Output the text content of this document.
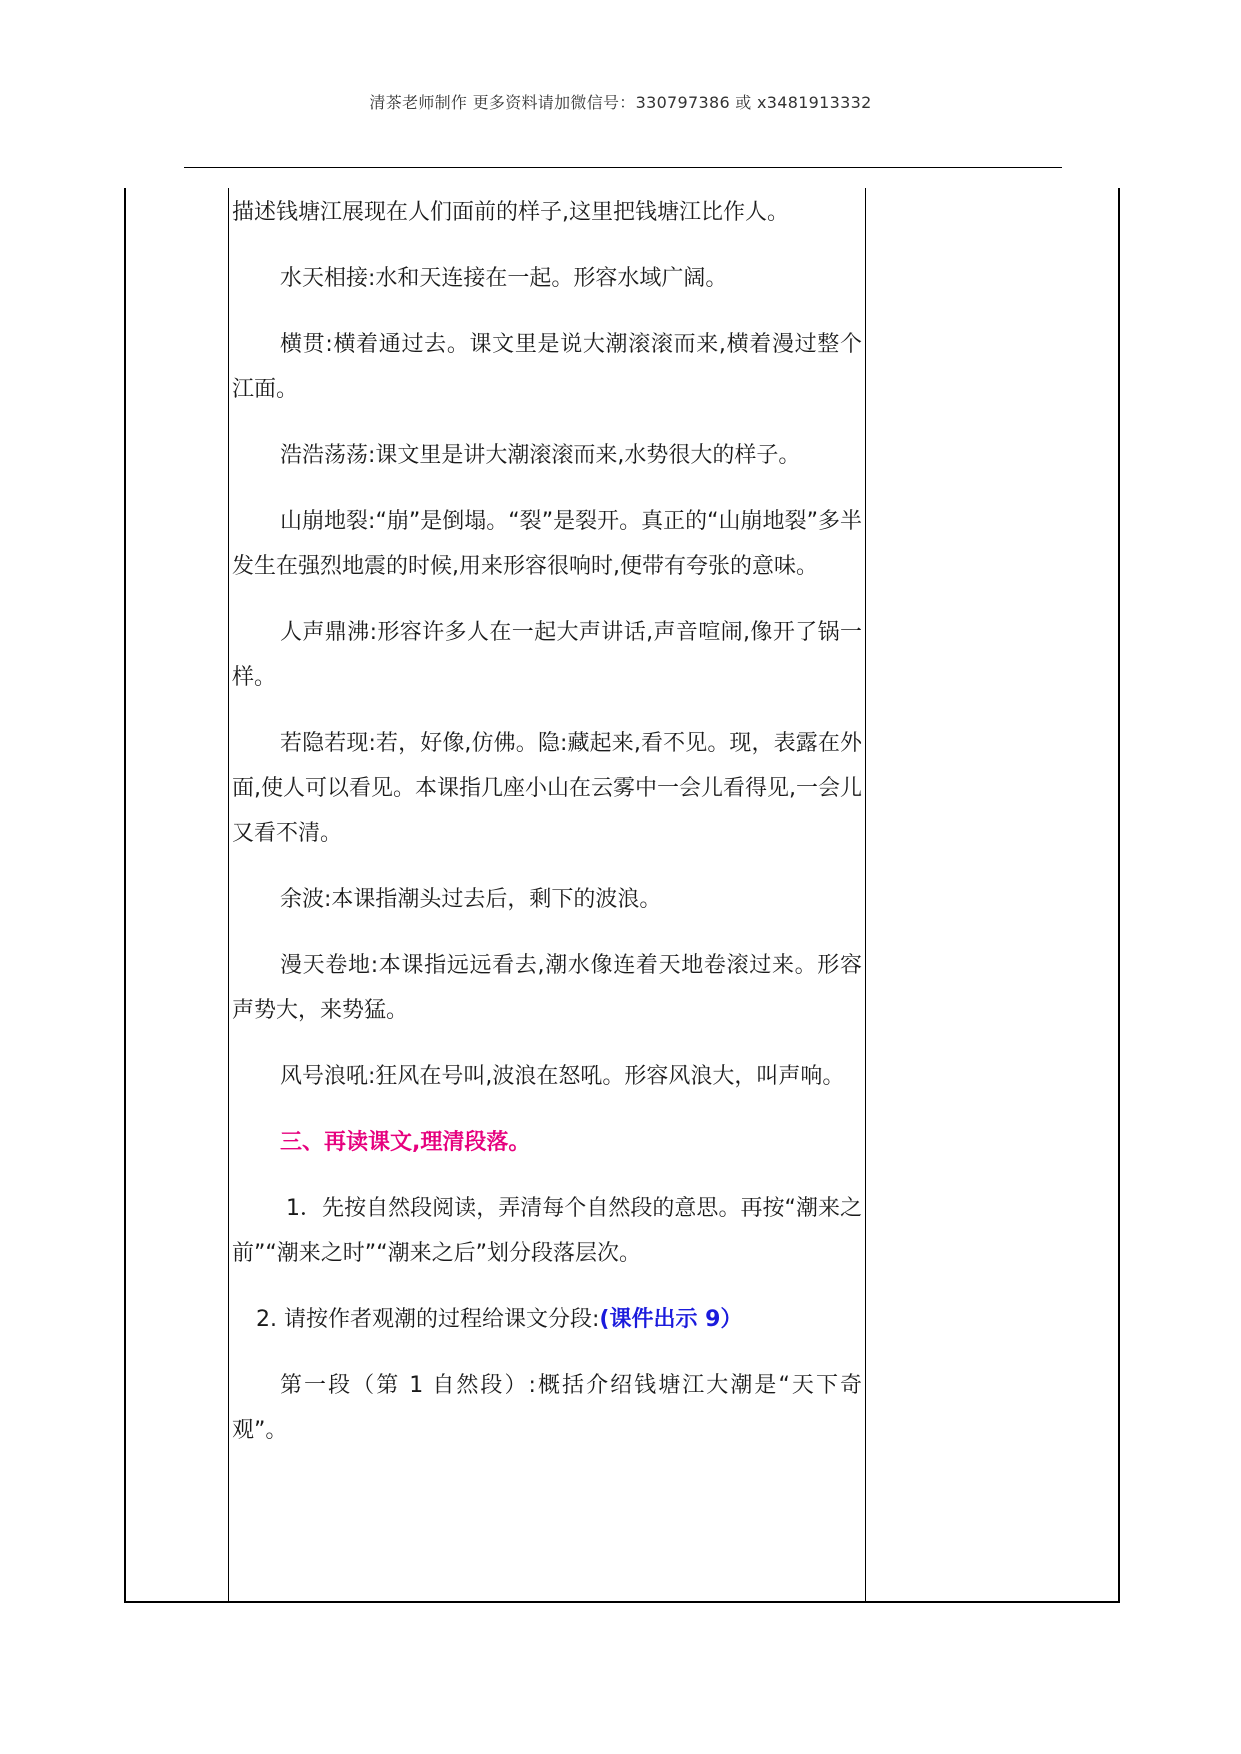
清茶老师制作 更多资料请加微信号：330797386 或 x3481913332

描述钱塘江展现在人们面前的样子,这里把钱塘江比作人。

水天相接:水和天连接在一起。形容水域广阔。

横贯:横着通过去。课文里是说大潮滚滚而来,横着漫过整个江面。

浩浩荡荡:课文里是讲大潮滚滚而来,水势很大的样子。

山崩地裂:“崩”是倒塌。“裂”是裂开。真正的“山崩地裂”多半发生在强烈地震的时候,用来形容很响时,便带有夸张的意味。

人声鼎沸:形容许多人在一起大声讲话,声音喧闹,像开了锅一样。

若隐若现:若，好像,仿佛。隐:藏起来,看不见。现，表露在外面,使人可以看见。本课指几座小山在云雾中一会儿看得见,一会儿又看不清。

余波:本课指潮头过去后，剩下的波浪。

漫天卷地:本课指远远看去,潮水像连着天地卷滚过来。形容声势大，来势猛。

风号浪吼:狂风在号叫,波浪在怒吼。形容风浪大，叫声响。

三、再读课文,理清段落。

1．先按自然段阅读，弄清每个自然段的意思。再按“潮来之前”“潮来之时”“潮来之后”划分段落层次。

2. 请按作者观潮的过程给课文分段:(课件出示 9）

第一段（第 1 自然段）:概括介绍钱塘江大潮是“天下奇观”。
